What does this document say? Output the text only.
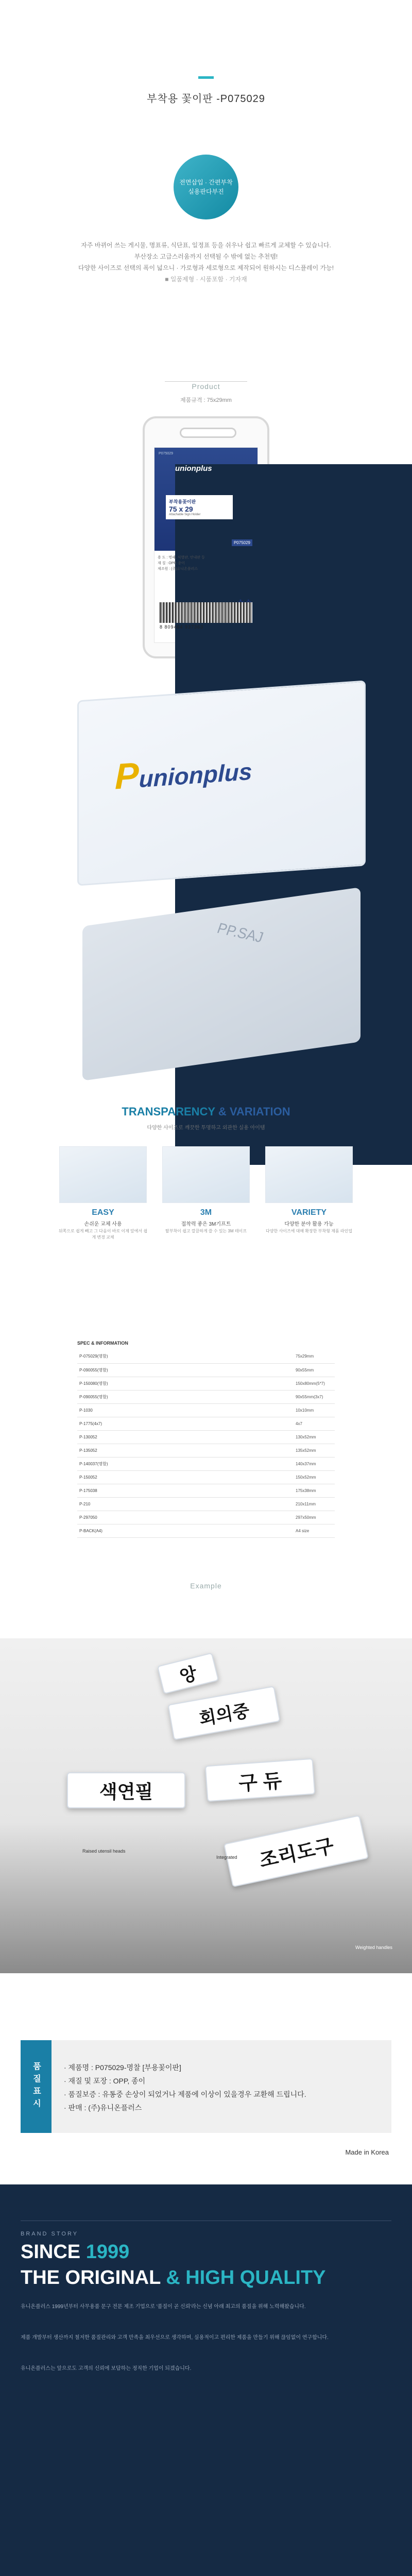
부착용 꽃이판 -P075029
전면삽입 · 간편부착
실용판다부진
자주 바뀌어 쓰는 게시물, 명표류, 식단표, 일정표 등을 쉬우나 쉽고 빠르게 교체할 수 있습니다.
부산장소 고급스러움까지 선택될 수 밖에 없는 추천템!
다양한 사이즈로 선택의 폭이 넓으니 · 가로형과 세로형으로 제작되어 원하시는 디스플레이 가능!
■ 일품제형 · 시품포함 · 기자재
Product
제품규격 : 75x29mm
P075029
unionplus
부착용꽂이판
75 x 29
Attachable Sign Holder
P075029
용 도 : 명패, 식별판, 안내판 등
재 질 : OPP, 종이
제조원 : (주)유니온플러스
8 809464 937363
Punionplus
PP.SAJ
TRANSPARENCY & VARIATION
다양한 사이즈로 깨끗한 투명하고 외관한 실용 아이템
EASY
손쉬운 교체 사용
뒤쪽으로 쉽게 빼고 그 다음이 바로 이제 앞에서 쉽게 변경 교체
3M
접착력 좋은 3M기프트
탈부착이 쉽고 깔끔하게 쓸 수 있는 3M 테이프
VARIETY
다양한 분야 활용 가능
다양한 사이즈에 대해 확장한 부착형 제품 라인업
SPEC & INFORMATION
P-075029(명함)	75x29mm
P-090055(명함)	90x55mm
P-150080(명함)	150x80mm(5*7)
P-090055(명함)	90x55mm(3x7)
P-1030	10x10mm
P-1775(4x7)	4x7
P-130052	130x52mm
P-135052	135x52mm
P-140037(명함)	140x37mm
P-150052	150x52mm
P-175038	175x38mm
P-210	210x11mm
P-297050	297x50mm
P-BACK(A4)	A4 size
Example
앙
회의중
구 듀
색연필
조리도구
Raised utensil heads
Integrated
Weighted handles
품질표시	· 제품명 : P075029-명찰 [부용꽃이판]
· 재질 및 포장 : OPP, 종이
· 품질보증 : 유통중 손상이 되었거나 제품에 이상이 있을경우 교환해 드립니다.
· 판매 : (주)유니온플러스
Made in Korea
BRAND STORY
SINCE 1999
THE ORIGINAL & HIGH QUALITY
유니온플러스 1999년부터 사무용품 문구 전문 제조 기업으로 '품질이 곧 신뢰'라는 신념 아래 최고의 품질을 위해 노력해왔습니다.
제품 개발부터 생산까지 철저한 품질관리와 고객 만족을 최우선으로 생각하며, 실용적이고 편리한 제품을 만들기 위해 끊임없이 연구합니다.
유니온플러스는 앞으로도 고객의 신뢰에 보답하는 정직한 기업이 되겠습니다.
